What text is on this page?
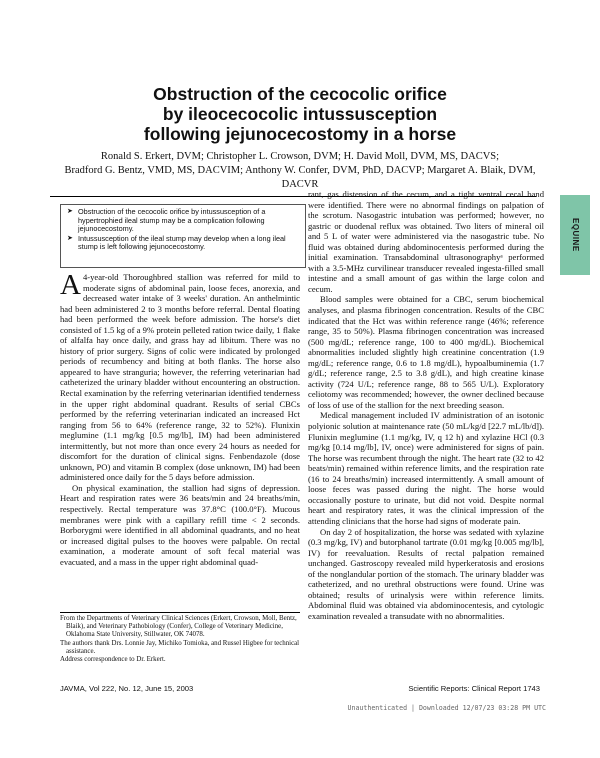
Obstruction of the cecocolic orifice
by ileocecocolic intussusception
following jejunocecostomy in a horse
Ronald S. Erkert, DVM; Christopher L. Crowson, DVM; H. David Moll, DVM, MS, DACVS;
Bradford G. Bentz, VMD, MS, DACVIM; Anthony W. Confer, DVM, PhD, DACVP; Margaret A. Blaik, DVM, DACVR
EQUINE
➤ Obstruction of the cecocolic orifice by intussusception of a hypertrophied ileal stump may be a complication following jejunocecostomy.
➤ Intussusception of the ileal stump may develop when a long ileal stump is left following jejunocecostomy.

A 4-year-old Thoroughbred stallion was referred for mild to moderate signs of abdominal pain, loose feces, anorexia, and decreased water intake of 3 weeks' duration. An anthelmintic had been administered 2 to 3 months before referral. Dental floating had been performed the week before admission. The horse's diet consisted of 1.5 kg of a 9% protein pelleted ration twice daily, 1 flake of alfalfa hay once daily, and grass hay ad libitum. There was no history of prior surgery. Signs of colic were indicated by prolonged periods of recumbency and biting at both flanks. The horse also appeared to have stranguria; however, the referring veterinarian had catheterized the urinary bladder without encountering an obstruction. Rectal examination by the referring veterinarian identified tenderness in the upper right abdominal quadrant. Results of serial CBCs performed by the referring veterinarian indicated an increased Hct ranging from 56 to 64% (reference range, 32 to 52%). Flunixin meglumine (1.1 mg/kg [0.5 mg/lb], IM) had been administered intermittently, but not more than once every 24 hours as needed for discomfort for the duration of clinical signs. Fenbendazole (dose unknown, PO) and vitamin B complex (dose unknown, IM) had been administered once daily for the 5 days before admission.

On physical examination, the stallion had signs of depression. Heart and respiration rates were 36 beats/min and 24 breaths/min, respectively. Rectal temperature was 37.8°C (100.0°F). Mucous membranes were pink with a capillary refill time < 2 seconds. Borborygmi were identified in all abdominal quadrants, and no heat or increased digital pulses to the hooves were palpable. On rectal examination, a moderate amount of soft fecal material was evacuated, and a mass in the upper right abdominal quad-

From the Departments of Veterinary Clinical Sciences (Erkert, Crowson, Moll, Bentz, Blaik), and Veterinary Pathobiology (Confer), College of Veterinary Medicine, Oklahoma State University, Stillwater, OK 74078.

The authors thank Drs. Lonnie Jay, Michiko Tomioka, and Russel Higbee for technical assistance.

Address correspondence to Dr. Erkert.

rant, gas distension of the cecum, and a tight ventral cecal band were identified. There were no abnormal findings on palpation of the scrotum. Nasogastric intubation was performed; however, no gastric or duodenal reflux was obtained. Two liters of mineral oil and 5 L of water were administered via the nasogastric tube. No fluid was obtained during abdominocentesis performed during the initial examination. Transabdominal ultrasonographyᵃ performed with a 3.5-MHz curvilinear transducer revealed ingesta-filled small intestine and a small amount of gas within the large colon and cecum.

Blood samples were obtained for a CBC, serum biochemical analyses, and plasma fibrinogen concentration. Results of the CBC indicated that the Hct was within reference range (46%; reference range, 35 to 50%). Plasma fibrinogen concentration was increased (500 mg/dL; reference range, 100 to 400 mg/dL). Biochemical abnormalities included slightly high creatinine concentration (1.9 mg/dL; reference range, 0.6 to 1.8 mg/dL), hypoalbuminemia (1.7 g/dL; reference range, 2.5 to 3.8 g/dL), and high creatine kinase activity (724 U/L; reference range, 88 to 565 U/L). Exploratory celiotomy was recommended; however, the owner declined because of loss of use of the stallion for the next breeding season.

Medical management included IV administration of an isotonic polyionic solution at maintenance rate (50 mL/kg/d [22.7 mL/lb/d]). Flunixin meglumine (1.1 mg/kg, IV, q 12 h) and xylazine HCl (0.3 mg/kg [0.14 mg/lb], IV, once) were administered for signs of pain. The horse was recumbent through the night. The heart rate (32 to 42 beats/min) remained within reference limits, and the respiration rate (16 to 24 breaths/min) increased intermittently. A small amount of loose feces was passed during the night. The horse would occasionally posture to urinate, but did not void. Despite normal heart and respiratory rates, it was the clinical impression of the attending clinicians that the horse had signs of moderate pain.

On day 2 of hospitalization, the horse was sedated with xylazine (0.3 mg/kg, IV) and butorphanol tartrate (0.01 mg/kg [0.005 mg/lb], IV) for reevaluation. Results of rectal palpation remained unchanged. Gastroscopy revealed mild hyperkeratosis and erosions of the nonglandular portion of the stomach. The urinary bladder was catheterized, and no urethral obstructions were found. Urine was obtained; results of urinalysis were within reference limits. Abdominal fluid was obtained via abdominocentesis, and cytologic examination revealed a transudate with no abnormalities.

JAVMA, Vol 222, No. 12, June 15, 2003	Scientific Reports: Clinical Report 1743
Unauthenticated | Downloaded 12/07/23 03:28 PM UTC
